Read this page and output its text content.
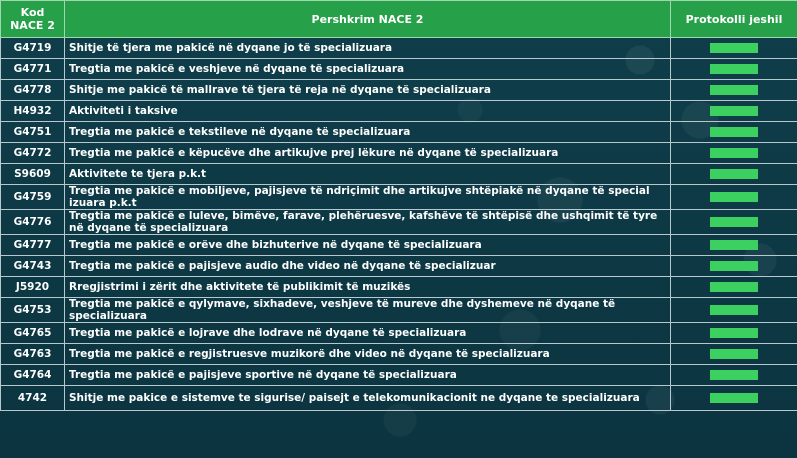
Kod
NACE 2	Pershkrim NACE 2	Protokolli jeshil
G4719	Shitje të tjera me pakicë në dyqane jo të specializuara	
G4771	Tregtia me pakicë e veshjeve në dyqane të specializuara	
G4778	Shitje me pakicë të mallrave të tjera të reja në dyqane të specializuara	
H4932	Aktiviteti i taksive	
G4751	Tregtia me pakicë e tekstileve në dyqane të specializuara	
G4772	Tregtia me pakicë e këpucëve dhe artikujve prej lëkure në dyqane të specializuara	
S9609	Aktivitete te tjera p.k.t	
G4759	Tregtia me pakicë e mobiljeve, pajisjeve të ndriçimit dhe artikujve shtëpiakë në dyqane të special izuara p.k.t	
G4776	Tregtia me pakicë e luleve, bimëve, farave, plehëruesve, kafshëve të shtëpisë dhe ushqimit të tyre në dyqane të specializuara	
G4777	Tregtia me pakicë e orëve dhe bizhuterive në dyqane të specializuara	
G4743	Tregtia me pakicë e pajisjeve audio dhe video në dyqane të specializuar	
J5920	Rregjistrimi i zërit dhe aktivitete të publikimit të muzikës	
G4753	Tregtia me pakicë e qylymave, sixhadeve, veshjeve të mureve dhe dyshemeve në dyqane të specializuara	
G4765	Tregtia me pakicë e lojrave dhe lodrave në dyqane të specializuara	
G4763	Tregtia me pakicë e regjistruesve muzikorë dhe video në dyqane të specializuara	
G4764	Tregtia me pakicë e pajisjeve sportive në dyqane të specializuara	
4742	Shitje me pakice e sistemve te sigurise/ paisejt e telekomunikacionit ne dyqane te specializuara	
